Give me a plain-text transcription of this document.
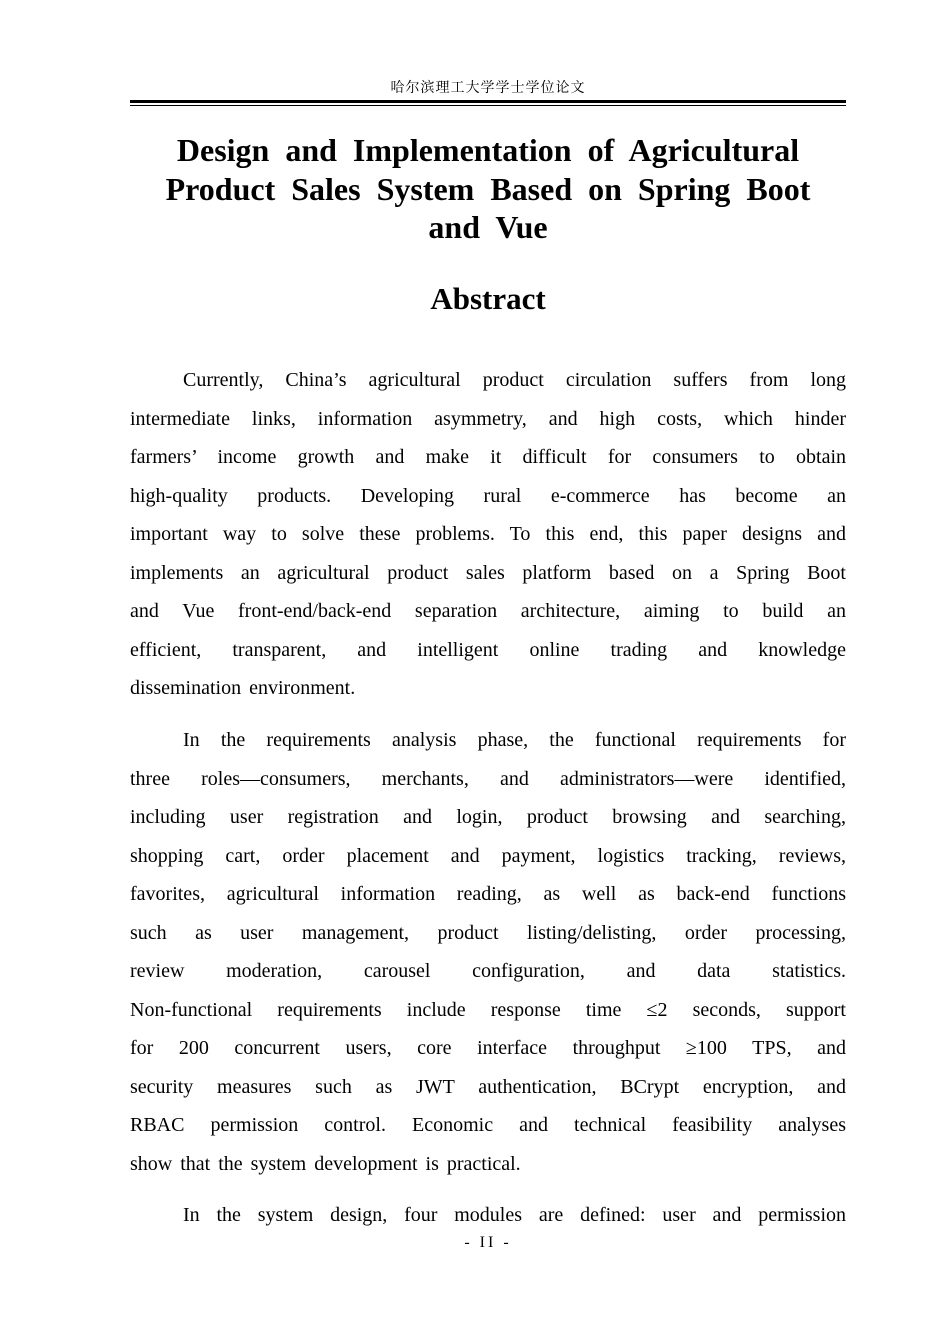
哈尔滨理工大学学士学位论文
Design and Implementation of Agricultural
Product Sales System Based on Spring Boot
and Vue
Abstract
Currently, China’s agricultural product circulation suffers from long
intermediate links, information asymmetry, and high costs, which hinder
farmers’ income growth and make it difficult for consumers to obtain
high-quality products. Developing rural e-commerce has become an
important way to solve these problems. To this end, this paper designs and
implements an agricultural product sales platform based on a Spring Boot
and Vue front-end/back-end separation architecture, aiming to build an
efficient, transparent, and intelligent online trading and knowledge
dissemination environment.
In the requirements analysis phase, the functional requirements for
three roles—consumers, merchants, and administrators—were identified,
including user registration and login, product browsing and searching,
shopping cart, order placement and payment, logistics tracking, reviews,
favorites, agricultural information reading, as well as back-end functions
such as user management, product listing/delisting, order processing,
review moderation, carousel configuration, and data statistics.
Non-functional requirements include response time ≤2 seconds, support
for 200 concurrent users, core interface throughput ≥100 TPS, and
security measures such as JWT authentication, BCrypt encryption, and
RBAC permission control. Economic and technical feasibility analyses
show that the system development is practical.
In the system design, four modules are defined: user and permission
- II -
